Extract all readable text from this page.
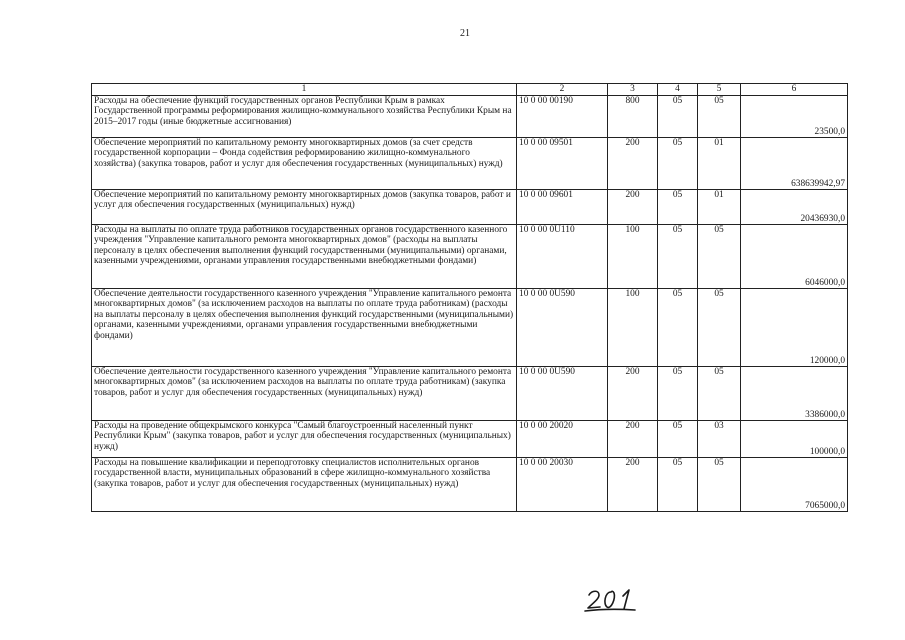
21
1	2	3	4	5	6
Расходы на обеспечение функций государственных органов Республики Крым в рамках Государственной программы реформирования жилищно-коммунального хозяйства Республики Крым на 2015–2017 годы (иные бюджетные ассигнования)	10 0 00 00190	800	05	05	23500,0
Обеспечение мероприятий по капитальному ремонту многоквартирных домов (за счет средств государственной корпорации – Фонда содействия реформированию жилищно-коммунального хозяйства) (закупка товаров, работ и услуг для обеспечения государственных (муниципальных) нужд)	10 0 00 09501	200	05	01	638639942,97
Обеспечение мероприятий по капитальному ремонту многоквартирных домов (закупка товаров, работ и услуг для обеспечения государственных (муниципальных) нужд)	10 0 00 09601	200	05	01	20436930,0
Расходы на выплаты по оплате труда работников государственных органов государственного казенного учреждения "Управление капитального ремонта многоквартирных домов" (расходы на выплаты персоналу в целях обеспечения выполнения функций государственными (муниципальными) органами, казенными учреждениями, органами управления государственными внебюджетными фондами)	10 0 00 0U110	100	05	05	6046000,0
Обеспечение деятельности государственного казенного учреждения "Управление капитального ремонта многоквартирных домов" (за исключением расходов на выплаты по оплате труда работникам) (расходы на выплаты персоналу в целях обеспечения выполнения функций государственными (муниципальными) органами, казенными учреждениями, органами управления государственными внебюджетными фондами)	10 0 00 0U590	100	05	05	120000,0
Обеспечение деятельности государственного казенного учреждения "Управление капитального ремонта многоквартирных домов" (за исключением расходов на выплаты по оплате труда работникам) (закупка товаров, работ и услуг для обеспечения государственных (муниципальных) нужд)	10 0 00 0U590	200	05	05	3386000,0
Расходы на проведение общекрымского конкурса "Самый благоустроенный населенный пункт Республики Крым" (закупка товаров, работ и услуг для обеспечения государственных (муниципальных) нужд)	10 0 00 20020	200	05	03	100000,0
Расходы на повышение квалификации и переподготовку специалистов исполнительных органов государственной власти, муниципальных образований в сфере жилищно-коммунального хозяйства (закупка товаров, работ и услуг для обеспечения государственных (муниципальных) нужд)	10 0 00 20030	200	05	05	7065000,0
